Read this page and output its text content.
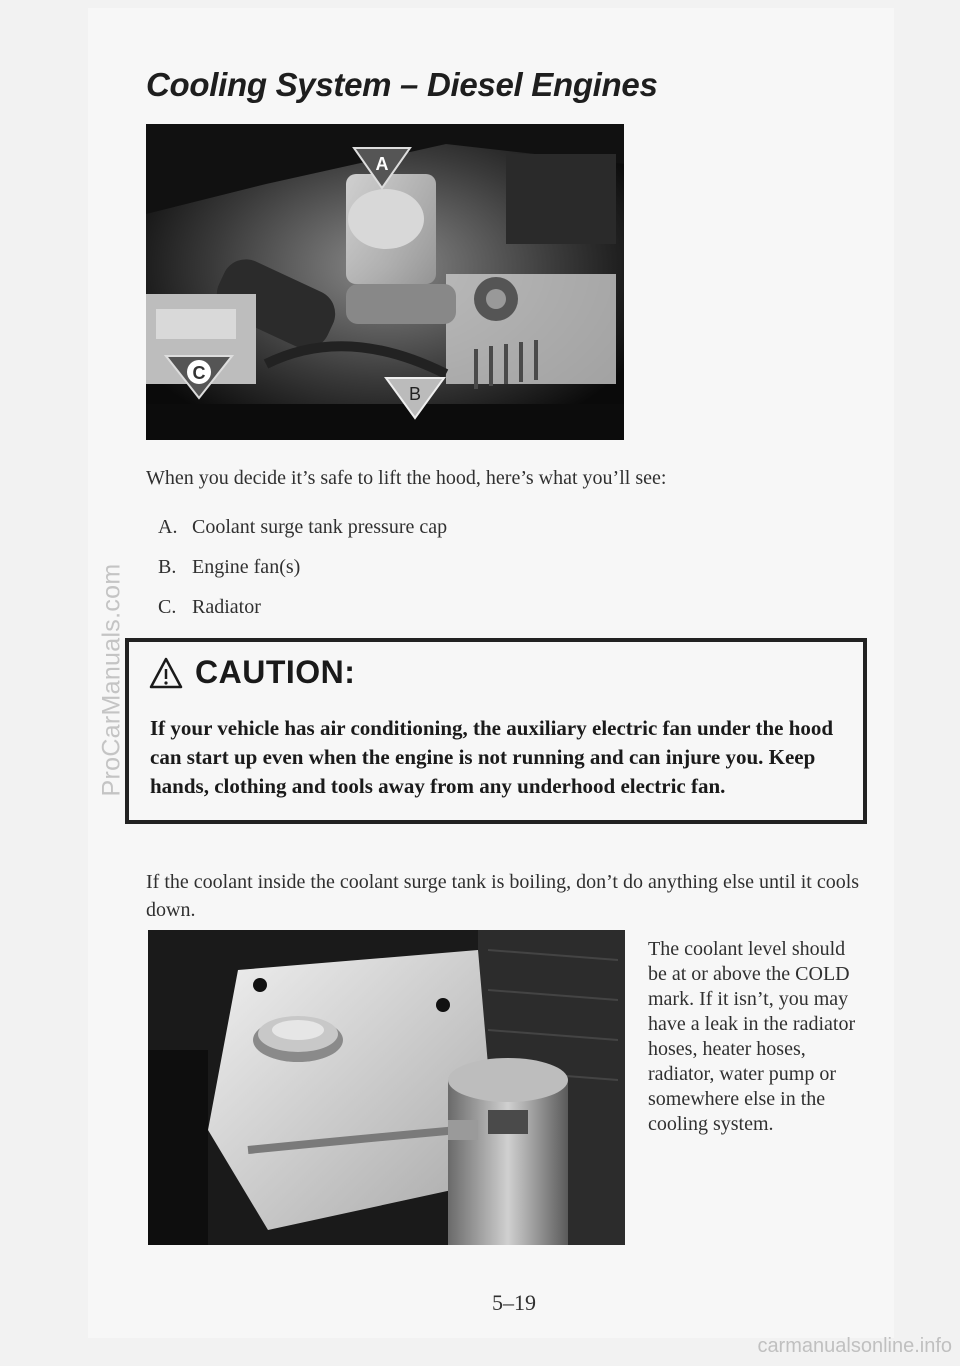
ProCarManuals.com
carmanualsonline.info
Cooling System – Diesel Engines
A
C
B
When you decide it’s safe to lift the hood, here’s what you’ll see:
A. Coolant surge tank pressure cap
B. Engine fan(s)
C. Radiator
CAUTION:
If your vehicle has air conditioning, the auxiliary electric fan under the hood can start up even when the engine is not running and can injure you. Keep hands, clothing and tools away from any underhood electric fan.
If the coolant inside the coolant surge tank is boiling, don’t do anything else until it cools down.
The coolant level should be at or above the COLD mark. If it isn’t, you may have a leak in the radiator hoses, heater hoses, radiator, water pump or somewhere else in the cooling system.
5–19
